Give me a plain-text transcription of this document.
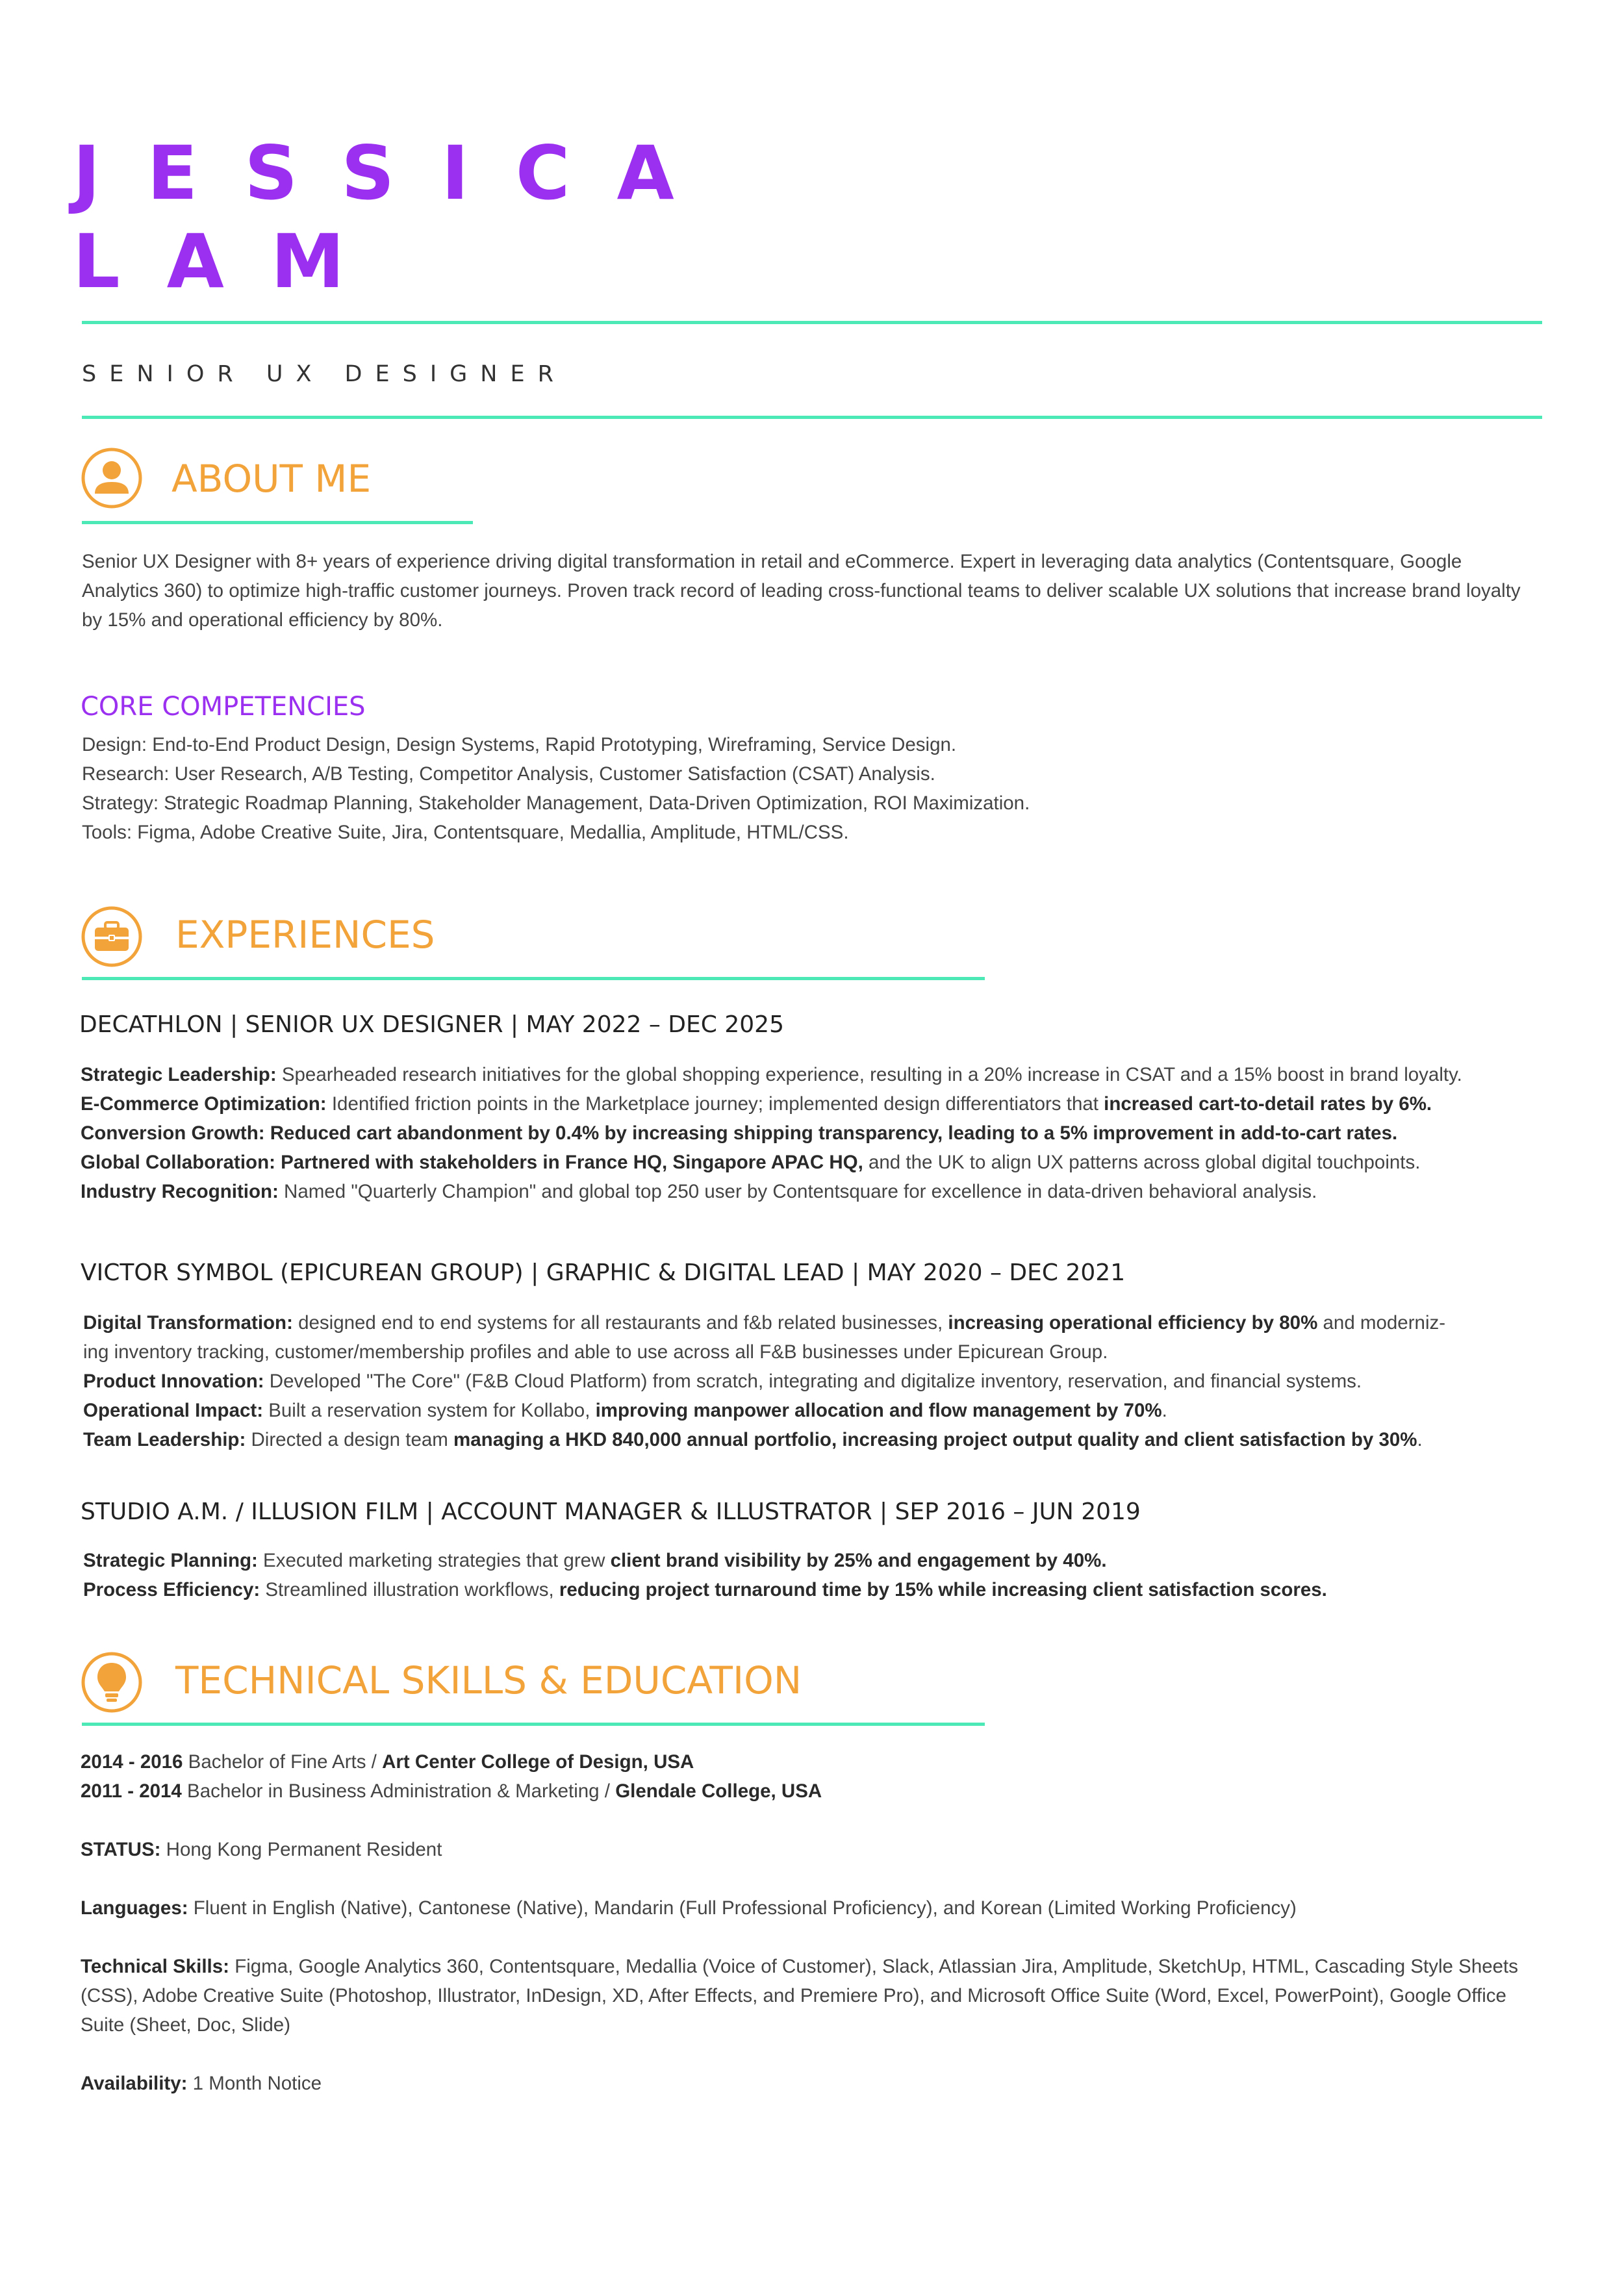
JESSICA
LAM
SENIOR UX DESIGNER
ABOUT ME

Senior UX Designer with 8+ years of experience driving digital transformation in retail and eCommerce. Expert in leveraging data analytics (Contentsquare, Google Analytics 360) to optimize high-traffic customer journeys. Proven track record of leading cross-functional teams to deliver scalable UX solutions that increase brand loyalty by 15% and operational efficiency by 80%.

CORE COMPETENCIES

Design: End-to-End Product Design, Design Systems, Rapid Prototyping, Wireframing, Service Design.

Research: User Research, A/B Testing, Competitor Analysis, Customer Satisfaction (CSAT) Analysis.

Strategy: Strategic Roadmap Planning, Stakeholder Management, Data-Driven Optimization, ROI Maximization.

Tools: Figma, Adobe Creative Suite, Jira, Contentsquare, Medallia, Amplitude, HTML/CSS.

EXPERIENCES
DECATHLON | SENIOR UX DESIGNER | MAY 2022 – DEC 2025

Strategic Leadership: Spearheaded research initiatives for the global shopping experience, resulting in a 20% increase in CSAT and a 15% boost in brand loyalty.

E-Commerce Optimization: Identified friction points in the Marketplace journey; implemented design differentiators that increased cart-to-detail rates by 6%.

Conversion Growth: Reduced cart abandonment by 0.4% by increasing shipping transparency, leading to a 5% improvement in add-to-cart rates.

Global Collaboration: Partnered with stakeholders in France HQ, Singapore APAC HQ, and the UK to align UX patterns across global digital touchpoints.

Industry Recognition: Named "Quarterly Champion" and global top 250 user by Contentsquare for excellence in data-driven behavioral analysis.

VICTOR SYMBOL (EPICUREAN GROUP) | GRAPHIC & DIGITAL LEAD | MAY 2020 – DEC 2021

Digital Transformation: designed end to end systems for all restaurants and f&b related businesses, increasing operational efficiency by 80% and moderniz-

ing inventory tracking, customer/membership profiles and able to use across all F&B businesses under Epicurean Group.

Product Innovation: Developed "The Core" (F&B Cloud Platform) from scratch, integrating and digitalize inventory, reservation, and financial systems.

Operational Impact: Built a reservation system for Kollabo, improving manpower allocation and flow management by 70%.

Team Leadership: Directed a design team managing a HKD 840,000 annual portfolio, increasing project output quality and client satisfaction by 30%.

STUDIO A.M. / ILLUSION FILM | ACCOUNT MANAGER & ILLUSTRATOR | SEP 2016 – JUN 2019

Strategic Planning: Executed marketing strategies that grew client brand visibility by 25% and engagement by 40%.

Process Efficiency: Streamlined illustration workflows, reducing project turnaround time by 15% while increasing client satisfaction scores.

TECHNICAL SKILLS & EDUCATION

2014 - 2016 Bachelor of Fine Arts / Art Center College of Design, USA

2011 - 2014 Bachelor in Business Administration & Marketing / Glendale College, USA

STATUS: Hong Kong Permanent Resident

Languages: Fluent in English (Native), Cantonese (Native), Mandarin (Full Professional Proficiency), and Korean (Limited Working Proficiency)

Technical Skills: Figma, Google Analytics 360, Contentsquare, Medallia (Voice of Customer), Slack, Atlassian Jira, Amplitude, SketchUp, HTML, Cascading Style Sheets (CSS), Adobe Creative Suite (Photoshop, Illustrator, InDesign, XD, After Effects, and Premiere Pro), and Microsoft Office Suite (Word, Excel, PowerPoint), Google Office Suite (Sheet, Doc, Slide)

Availability: 1 Month Notice
